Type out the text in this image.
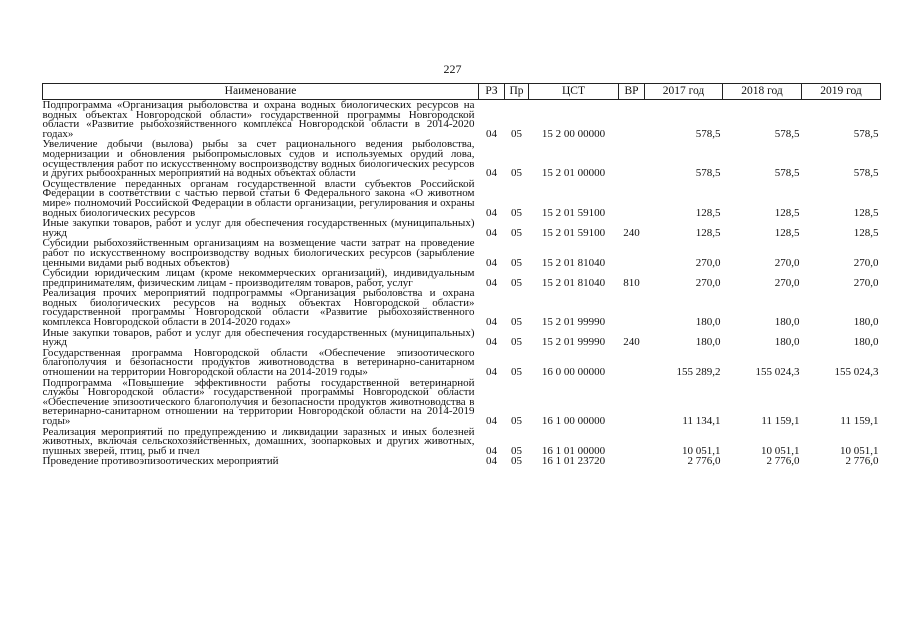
227
Наименование	РЗ	Пр	ЦСТ	ВР	2017 год	2018 год	2019 год
Подпрограмма «Организация рыболовства и охрана водных биологических ресурсов на водных объектах Новгородской области» государственной программы Новгородской области «Развитие рыбохозяйственного комплекса Новгородской области в 2014-2020 годах»	04	05	15 2 00 00000		578,5	578,5	578,5
Увеличение добычи (вылова) рыбы за счет рационального ведения рыболовства, модернизации и обновления рыбопромысловых судов и используемых орудий лова, осуществления работ по искусственному воспроизводству водных биологических ресурсов и других рыбоохранных мероприятий на водных объектах области	04	05	15 2 01 00000		578,5	578,5	578,5
Осуществление переданных органам государственной власти субъектов Российской Федерации в соответствии с частью первой статьи 6 Федерального закона «О животном мире» полномочий Российской Федерации в области организации, регулирования и охраны водных биологических ресурсов	04	05	15 2 01 59100		128,5	128,5	128,5
Иные закупки товаров, работ и услуг для обеспечения государственных (муниципальных) нужд	04	05	15 2 01 59100	240	128,5	128,5	128,5
Субсидии рыбохозяйственным организациям на возмещение части затрат на проведение работ по искусственному воспроизводству водных биологических ресурсов (зарыбление ценными видами рыб водных объектов)	04	05	15 2 01 81040		270,0	270,0	270,0
Субсидии юридическим лицам (кроме некоммерческих организаций), индивидуальным предпринимателям, физическим лицам - производителям товаров, работ, услуг	04	05	15 2 01 81040	810	270,0	270,0	270,0
Реализация прочих мероприятий подпрограммы «Организация рыболовства и охрана водных биологических ресурсов на водных объектах Новгородской области» государственной программы Новгородской области «Развитие рыбохозяйственного комплекса Новгородской области в 2014-2020 годах»	04	05	15 2 01 99990		180,0	180,0	180,0
Иные закупки товаров, работ и услуг для обеспечения государственных (муниципальных) нужд	04	05	15 2 01 99990	240	180,0	180,0	180,0
Государственная программа Новгородской области «Обеспечение эпизоотического благополучия и безопасности продуктов животноводства в ветеринарно-санитарном отношении на территории Новгородской области на 2014-2019 годы»	04	05	16 0 00 00000		155 289,2	155 024,3	155 024,3
Подпрограмма «Повышение эффективности работы государственной ветеринарной службы Новгородской области» государственной программы Новгородской области «Обеспечение эпизоотического благополучия и безопасности продуктов животноводства в ветеринарно-санитарном отношении на территории Новгородской области на 2014-2019 годы»	04	05	16 1 00 00000		11 134,1	11 159,1	11 159,1
Реализация мероприятий по предупреждению и ликвидации заразных и иных болезней животных, включая сельскохозяйственных, домашних, зоопарковых и других животных, пушных зверей, птиц, рыб и пчел	04	05	16 1 01 00000		10 051,1	10 051,1	10 051,1
Проведение противоэпизоотических мероприятий	04	05	16 1 01 23720		2 776,0	2 776,0	2 776,0
